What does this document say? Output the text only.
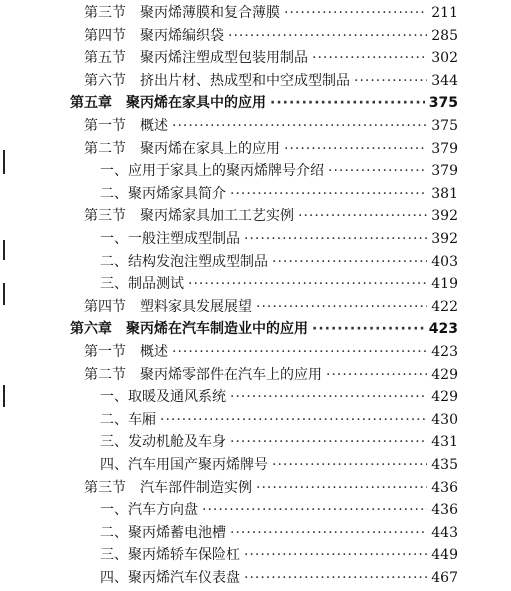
第三节 聚丙烯薄膜和复合薄膜 ·····	211
第四节 聚丙烯编织袋 ·····	285
第五节 聚丙烯注塑成型包装用制品 ·····	302
第六节 挤出片材、热成型和中空成型制品 ·····	344
第五章 聚丙烯在家具中的应用 ·····	375
第一节 概述 ·····	375
第二节 聚丙烯在家具上的应用 ·····	379
一、 应用于家具上的聚丙烯牌号介绍 ·····	379
二、 聚丙烯家具简介 ·····	381
第三节 聚丙烯家具加工工艺实例 ·····	392
一、 一般注塑成型制品 ·····	392
二、 结构发泡注塑成型制品 ·····	403
三、 制品测试 ·····	419
第四节 塑料家具发展展望 ·····	422
第六章 聚丙烯在汽车制造业中的应用 ·····	423
第一节 概述 ·····	423
第二节 聚丙烯零部件在汽车上的应用 ·····	429
一、 取暖及通风系统 ·····	429
二、 车厢 ·····	430
三、 发动机舱及车身 ·····	431
四、 汽车用国产聚丙烯牌号 ·····	435
第三节 汽车部件制造实例 ·····	436
一、 汽车方向盘 ·····	436
二、 聚丙烯蓄电池槽 ·····	443
三、 聚丙烯轿车保险杠 ·····	449
四、 聚丙烯汽车仪表盘 ·····	467
